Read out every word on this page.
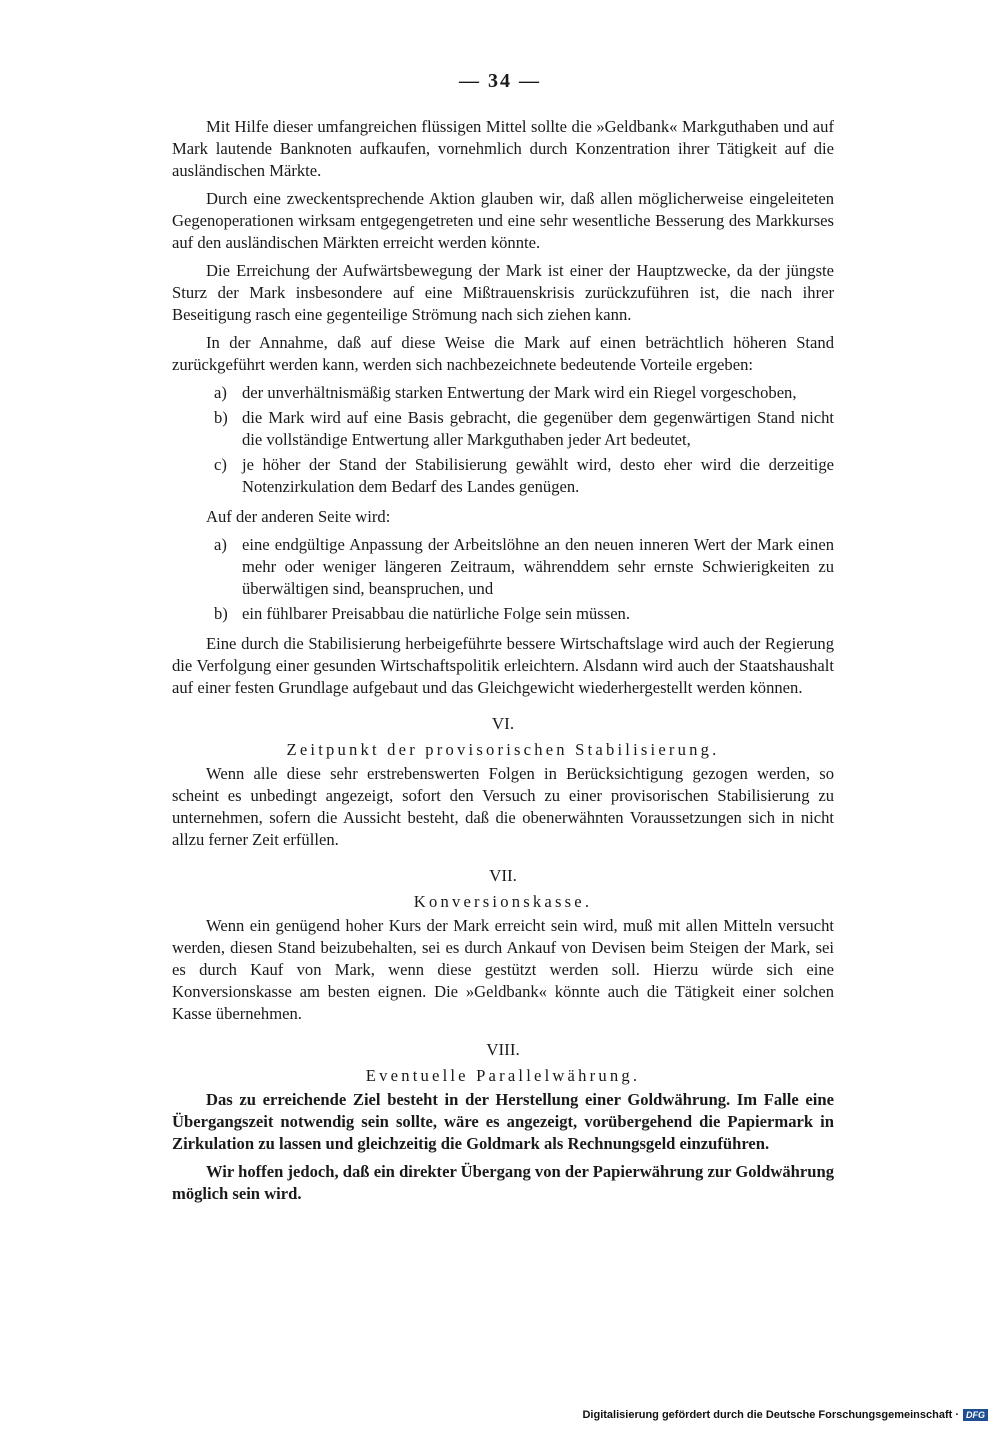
— 34 —

Mit Hilfe dieser umfangreichen flüssigen Mittel sollte die »Geldbank« Markguthaben und auf Mark lautende Banknoten aufkaufen, vornehmlich durch Konzentration ihrer Tätigkeit auf die ausländischen Märkte.

Durch eine zweckentsprechende Aktion glauben wir, daß allen möglicherweise eingeleiteten Gegenoperationen wirksam entgegengetreten und eine sehr wesentliche Besserung des Markkurses auf den ausländischen Märkten erreicht werden könnte.

Die Erreichung der Aufwärtsbewegung der Mark ist einer der Hauptzwecke, da der jüngste Sturz der Mark insbesondere auf eine Mißtrauenskrisis zurückzuführen ist, die nach ihrer Beseitigung rasch eine gegenteilige Strömung nach sich ziehen kann.

In der Annahme, daß auf diese Weise die Mark auf einen beträchtlich höheren Stand zurückgeführt werden kann, werden sich nachbezeichnete bedeutende Vorteile ergeben:

a) der unverhältnismäßig starken Entwertung der Mark wird ein Riegel vorgeschoben,
b) die Mark wird auf eine Basis gebracht, die gegenüber dem gegenwärtigen Stand nicht die vollständige Entwertung aller Markguthaben jeder Art bedeutet,
c) je höher der Stand der Stabilisierung gewählt wird, desto eher wird die derzeitige Notenzirkulation dem Bedarf des Landes genügen.

Auf der anderen Seite wird:

a) eine endgültige Anpassung der Arbeitslöhne an den neuen inneren Wert der Mark einen mehr oder weniger längeren Zeitraum, währenddem sehr ernste Schwierigkeiten zu überwältigen sind, beanspruchen, und
b) ein fühlbarer Preisabbau die natürliche Folge sein müssen.

Eine durch die Stabilisierung herbeigeführte bessere Wirtschaftslage wird auch der Regierung die Verfolgung einer gesunden Wirtschaftspolitik erleichtern. Alsdann wird auch der Staatshaushalt auf einer festen Grundlage aufgebaut und das Gleichgewicht wiederhergestellt werden können.

VI.
Zeitpunkt der provisorischen Stabilisierung.

Wenn alle diese sehr erstrebenswerten Folgen in Berücksichtigung gezogen werden, so scheint es unbedingt angezeigt, sofort den Versuch zu einer provisorischen Stabilisierung zu unternehmen, sofern die Aussicht besteht, daß die obenerwähnten Voraussetzungen sich in nicht allzu ferner Zeit erfüllen.

VII.
Konversionskasse.

Wenn ein genügend hoher Kurs der Mark erreicht sein wird, muß mit allen Mitteln versucht werden, diesen Stand beizubehalten, sei es durch Ankauf von Devisen beim Steigen der Mark, sei es durch Kauf von Mark, wenn diese gestützt werden soll. Hierzu würde sich eine Konversionskasse am besten eignen. Die »Geldbank« könnte auch die Tätigkeit einer solchen Kasse übernehmen.

VIII.
Eventuelle Parallelwährung.

Das zu erreichende Ziel besteht in der Herstellung einer Goldwährung. Im Falle eine Übergangszeit notwendig sein sollte, wäre es angezeigt, vorübergehend die Papiermark in Zirkulation zu lassen und gleichzeitig die Goldmark als Rechnungsgeld einzuführen.

Wir hoffen jedoch, daß ein direkter Übergang von der Papierwährung zur Goldwährung möglich sein wird.

Digitalisierung gefördert durch die Deutsche Forschungsgemeinschaft · DFG
